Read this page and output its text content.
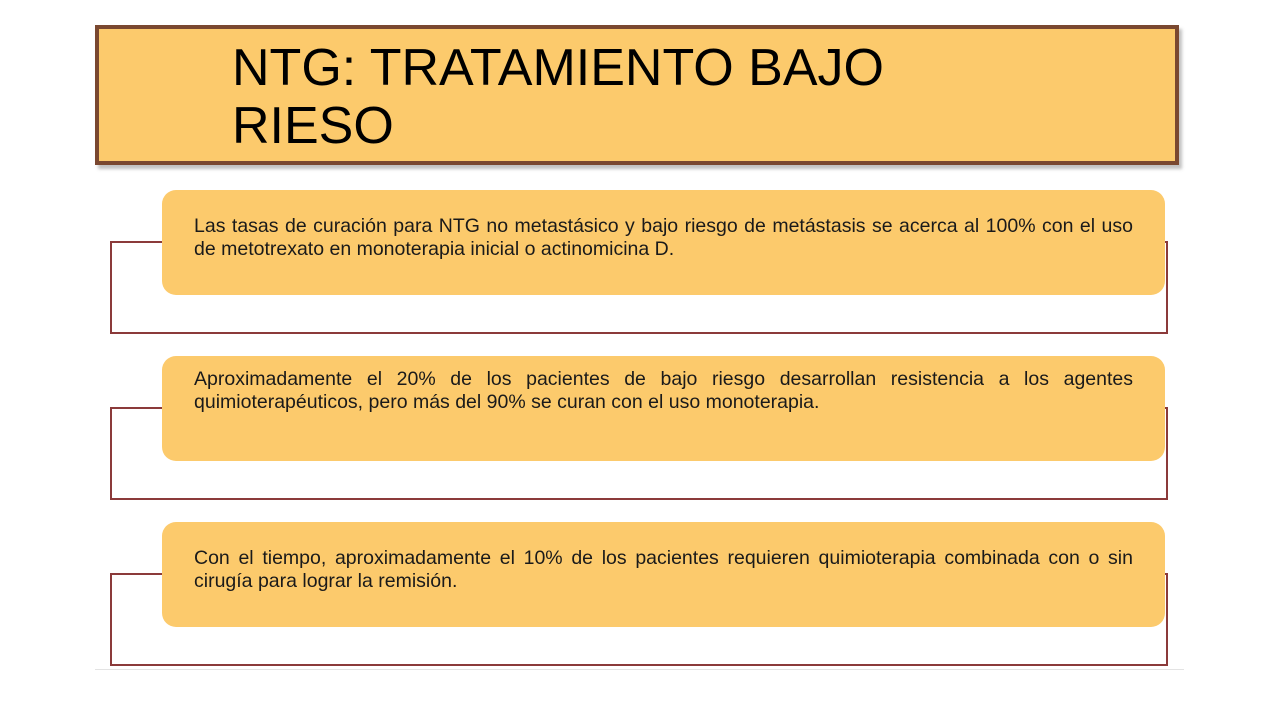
NTG: TRATAMIENTO BAJO RIESO

Las tasas de curación para NTG no metastásico y bajo riesgo de metástasis se acerca al 100% con el uso de metotrexato en monoterapia inicial o actinomicina D.

Aproximadamente el 20% de los pacientes de bajo riesgo desarrollan resistencia a los agentes quimioterapéuticos, pero más del 90% se curan con el uso monoterapia.

Con el tiempo, aproximadamente el 10% de los pacientes requieren quimioterapia combinada con o sin cirugía para lograr la remisión.
